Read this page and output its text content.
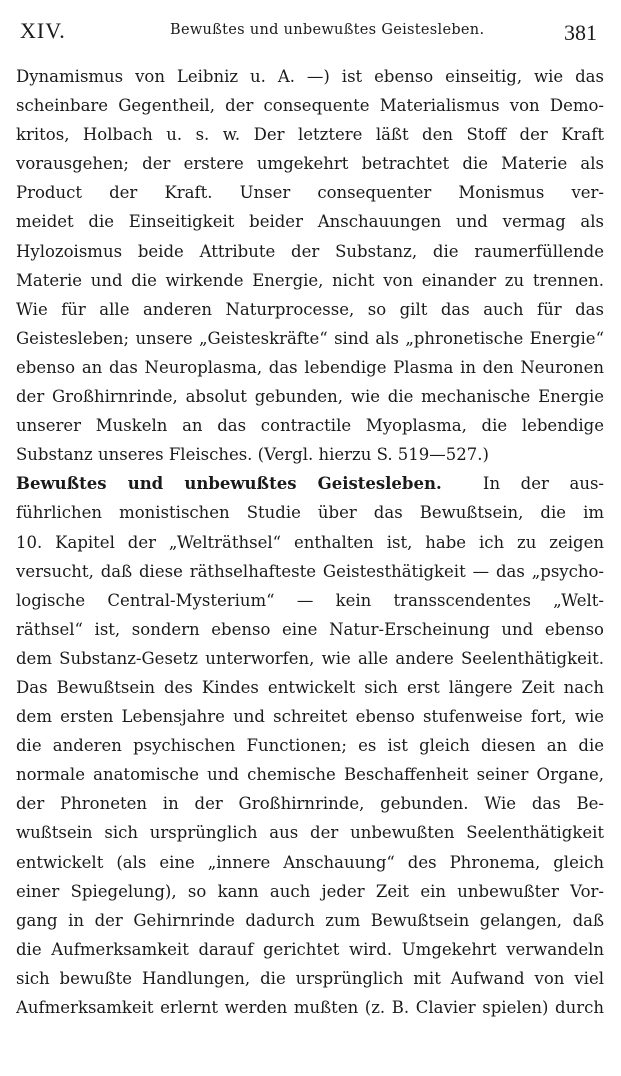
XIV.	Bewußtes und unbewußtes Geistesleben.	381
Dynamismus von Leibniz u. A. —) ist ebenso einseitig, wie das
scheinbare Gegentheil, der consequente Materialismus von Demo-
kritos, Holbach u. s. w. Der letztere läßt den Stoff der Kraft
vorausgehen; der erstere umgekehrt betrachtet die Materie als
Product der Kraft. Unser consequenter Monismus ver-
meidet die Einseitigkeit beider Anschauungen und vermag als
Hylozoismus beide Attribute der Substanz, die raumerfüllende
Materie und die wirkende Energie, nicht von einander zu trennen.
Wie für alle anderen Naturprocesse, so gilt das auch für das
Geistesleben; unsere „Geisteskräfte“ sind als „phronetische Energie“
ebenso an das Neuroplasma, das lebendige Plasma in den Neuronen
der Großhirnrinde, absolut gebunden, wie die mechanische Energie
unserer Muskeln an das contractile Myoplasma, die lebendige
Substanz unseres Fleisches. (Vergl. hierzu S. 519—527.)
Bewußtes und unbewußtes Geistesleben. In der aus-
führlichen monistischen Studie über das Bewußtsein, die im
10. Kapitel der „Welträthsel“ enthalten ist, habe ich zu zeigen
versucht, daß diese räthselhafteste Geistesthätigkeit — das „psycho-
logische Central-Mysterium“ — kein transscendentes „Welt-
räthsel“ ist, sondern ebenso eine Natur-Erscheinung und ebenso
dem Substanz-Gesetz unterworfen, wie alle andere Seelenthätigkeit.
Das Bewußtsein des Kindes entwickelt sich erst längere Zeit nach
dem ersten Lebensjahre und schreitet ebenso stufenweise fort, wie
die anderen psychischen Functionen; es ist gleich diesen an die
normale anatomische und chemische Beschaffenheit seiner Organe,
der Phroneten in der Großhirnrinde, gebunden. Wie das Be-
wußtsein sich ursprünglich aus der unbewußten Seelenthätigkeit
entwickelt (als eine „innere Anschauung“ des Phronema, gleich
einer Spiegelung), so kann auch jeder Zeit ein unbewußter Vor-
gang in der Gehirnrinde dadurch zum Bewußtsein gelangen, daß
die Aufmerksamkeit darauf gerichtet wird. Umgekehrt verwandeln
sich bewußte Handlungen, die ursprünglich mit Aufwand von viel
Aufmerksamkeit erlernt werden mußten (z. B. Clavier spielen) durch
